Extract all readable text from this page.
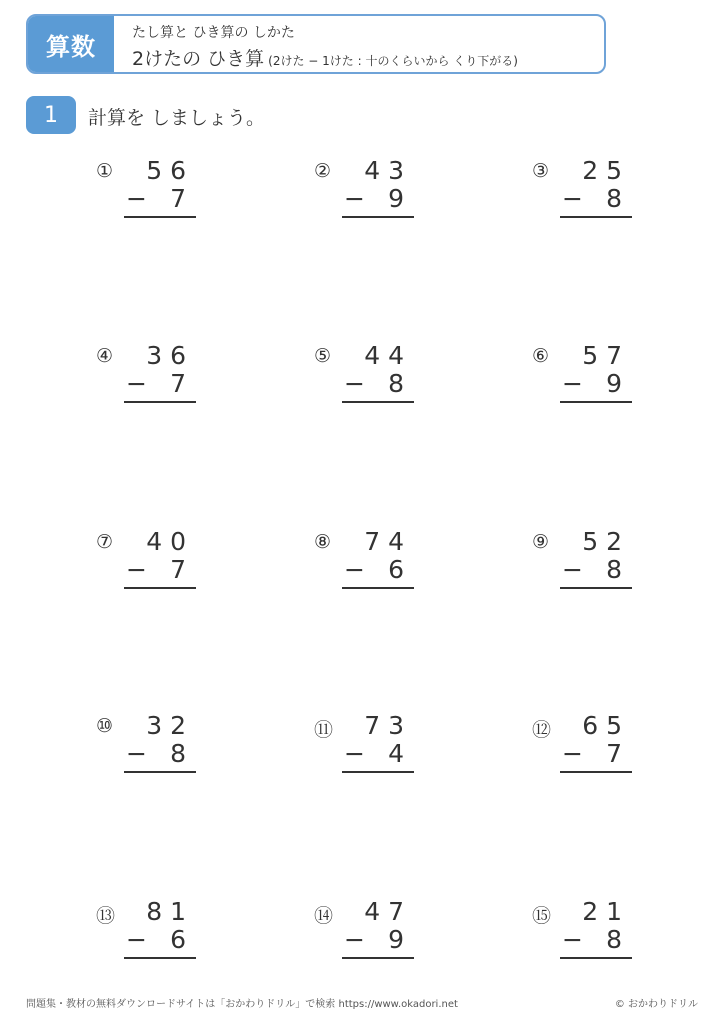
算数	たし算と ひき算の しかた
2けたの ひき算 (2けた − 1けた : 十のくらいから くり下がる)
1	計算を しましょう。
①	56
− 7
②	43
− 9
③	25
− 8
④	36
− 7
⑤	44
− 8
⑥	57
− 9
⑦	40
− 7
⑧	74
− 6
⑨	52
− 8
⑩	32
− 8
⑪	73
− 4
⑫	65
− 7
⑬	81
− 6
⑭	47
− 9
⑮	21
− 8
問題集・教材の無料ダウンロードサイトは「おかわりドリル」で検索 https://www.okadori.net	© おかわりドリル
